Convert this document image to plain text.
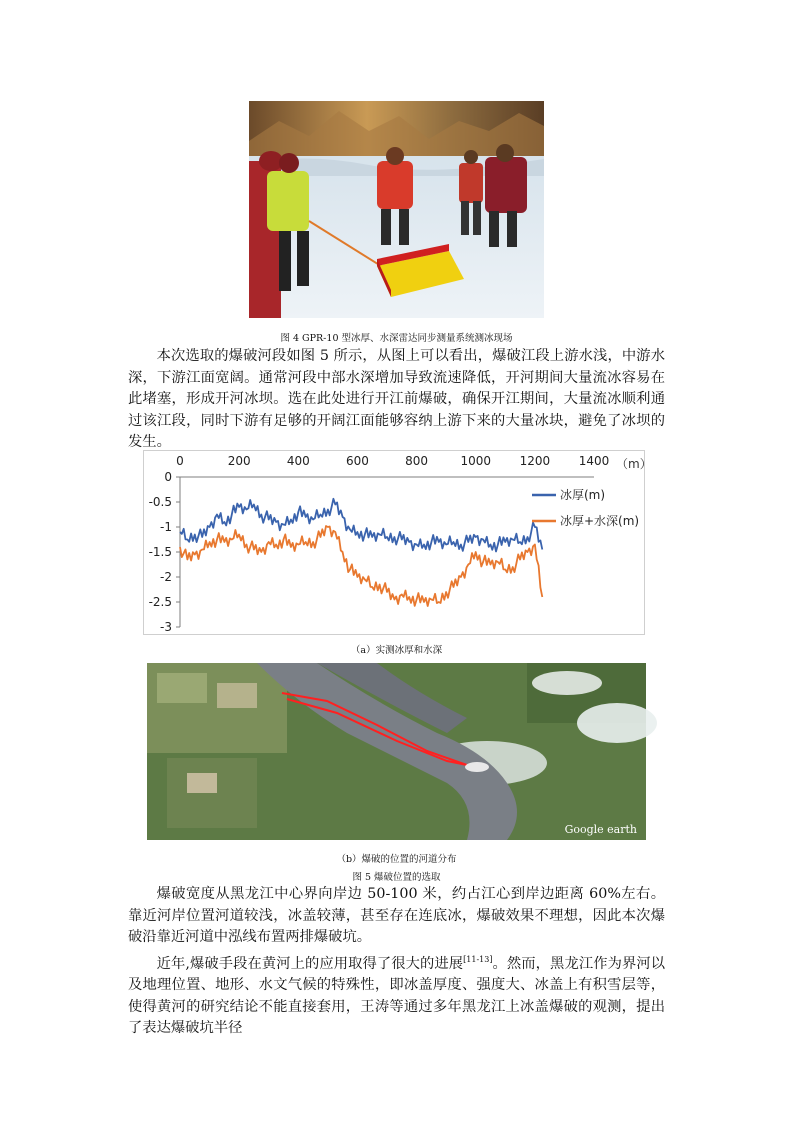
图 4 GPR-10 型冰厚、水深雷达同步测量系统测冰现场
本次选取的爆破河段如图 5 所示，从图上可以看出，爆破江段上游水浅，中游水深，下游江面宽阔。通常河段中部水深增加导致流速降低，开河期间大量流冰容易在此堵塞，形成开河冰坝。选在此处进行开江前爆破，确保开江期间，大量流冰顺利通过该江段，同时下游有足够的开阔江面能够容纳上游下来的大量冰块，避免了冰坝的发生。
0	200	400	600	800	1000 1200 1400
0
-0.5
-1
-1.5
-2
-2.5
-3
（m）
冰厚(m)
冰厚+水深(m)
（a）实测冰厚和水深
Google earth
（b）爆破的位置的河道分布
图 5 爆破位置的选取
爆破宽度从黑龙江中心界向岸边 50-100 米，约占江心到岸边距离 60%左右。靠近河岸位置河道较浅，冰盖较薄，甚至存在连底冰，爆破效果不理想，因此本次爆破沿靠近河道中泓线布置两排爆破坑。
近年,爆破手段在黄河上的应用取得了很大的进展[11-13]。然而，黑龙江作为界河以及地理位置、地形、水文气候的特殊性，即冰盖厚度、强度大、冰盖上有积雪层等，使得黄河的研究结论不能直接套用，王涛等通过多年黑龙江上冰盖爆破的观测，提出了表达爆破坑半径
